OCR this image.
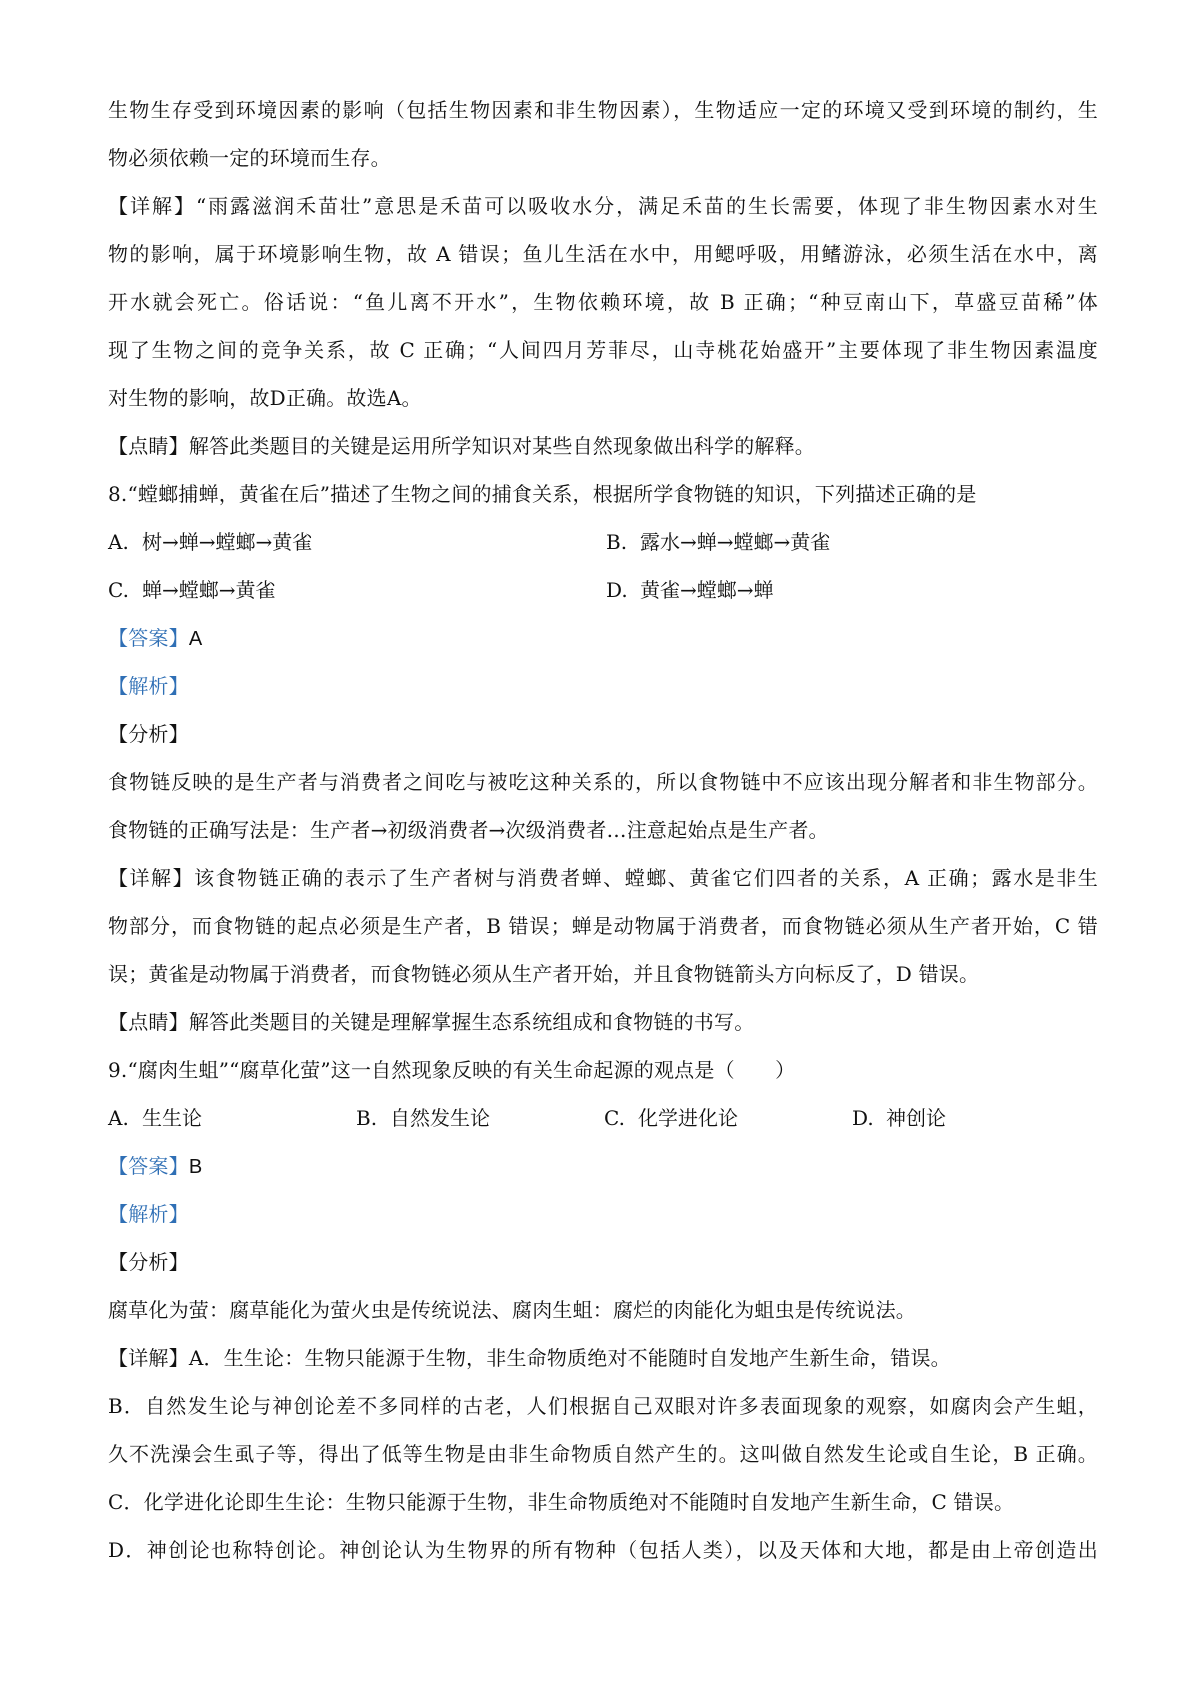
生物生存受到环境因素的影响（包括生物因素和非生物因素），生物适应一定的环境又受到环境的制约，生
物必须依赖一定的环境而生存。
【详解】“雨露滋润禾苗壮”意思是禾苗可以吸收水分，满足禾苗的生长需要，体现了非生物因素水对生
物的影响，属于环境影响生物，故 A 错误；鱼儿生活在水中，用鳃呼吸，用鳍游泳，必须生活在水中，离
开水就会死亡。俗话说：“鱼儿离不开水”，生物依赖环境，故 B 正确；“种豆南山下，草盛豆苗稀”体
现了生物之间的竞争关系，故 C 正确；“人间四月芳菲尽，山寺桃花始盛开”主要体现了非生物因素温度
对生物的影响，故D正确。故选A。
【点睛】解答此类题目的关键是运用所学知识对某些自然现象做出科学的解释。
8.“螳螂捕蝉，黄雀在后”描述了生物之间的捕食关系，根据所学食物链的知识，下列描述正确的是
A. 树→蝉→螳螂→黄雀	B. 露水→蝉→螳螂→黄雀
C. 蝉→螳螂→黄雀	D. 黄雀→螳螂→蝉
【答案】A
【解析】
【分析】
食物链反映的是生产者与消费者之间吃与被吃这种关系的，所以食物链中不应该出现分解者和非生物部分。
食物链的正确写法是：生产者→初级消费者→次级消费者…注意起始点是生产者。
【详解】该食物链正确的表示了生产者树与消费者蝉、螳螂、黄雀它们四者的关系，A 正确；露水是非生
物部分，而食物链的起点必须是生产者，B 错误；蝉是动物属于消费者，而食物链必须从生产者开始，C 错
误；黄雀是动物属于消费者，而食物链必须从生产者开始，并且食物链箭头方向标反了，D 错误。
【点睛】解答此类题目的关键是理解掌握生态系统组成和食物链的书写。
9.“腐肉生蛆”“腐草化萤”这一自然现象反映的有关生命起源的观点是（　　）
A. 生生论	B. 自然发生论	C. 化学进化论	D. 神创论
【答案】B
【解析】
【分析】
腐草化为萤：腐草能化为萤火虫是传统说法、腐肉生蛆：腐烂的肉能化为蛆虫是传统说法。
【详解】A．生生论：生物只能源于生物，非生命物质绝对不能随时自发地产生新生命，错误。
B．自然发生论与神创论差不多同样的古老，人们根据自己双眼对许多表面现象的观察，如腐肉会产生蛆，
久不洗澡会生虱子等，得出了低等生物是由非生命物质自然产生的。这叫做自然发生论或自生论，B 正确。
C．化学进化论即生生论：生物只能源于生物，非生命物质绝对不能随时自发地产生新生命，C 错误。
D．神创论也称特创论。神创论认为生物界的所有物种（包括人类），以及天体和大地，都是由上帝创造出
